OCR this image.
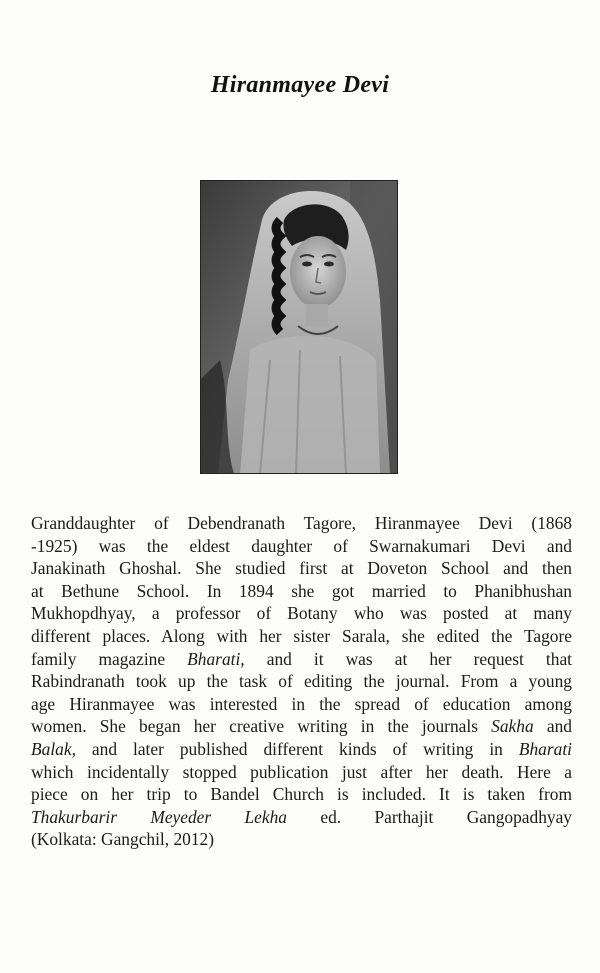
Hiranmayee Devi
Granddaughter of Debendranath Tagore, Hiranmayee Devi (1868
-1925) was the eldest daughter of Swarnakumari Devi and
Janakinath Ghoshal. She studied first at Doveton School and then
at Bethune School. In 1894 she got married to Phanibhushan
Mukhopdhyay, a professor of Botany who was posted at many
different places. Along with her sister Sarala, she edited the Tagore
family magazine Bharati, and it was at her request that
Rabindranath took up the task of editing the journal. From a young
age Hiranmayee was interested in the spread of education among
women. She began her creative writing in the journals Sakha and
Balak, and later published different kinds of writing in Bharati
which incidentally stopped publication just after her death. Here a
piece on her trip to Bandel Church is included. It is taken from
Thakurbarir Meyeder Lekha ed. Parthajit Gangopadhyay
(Kolkata: Gangchil, 2012)
